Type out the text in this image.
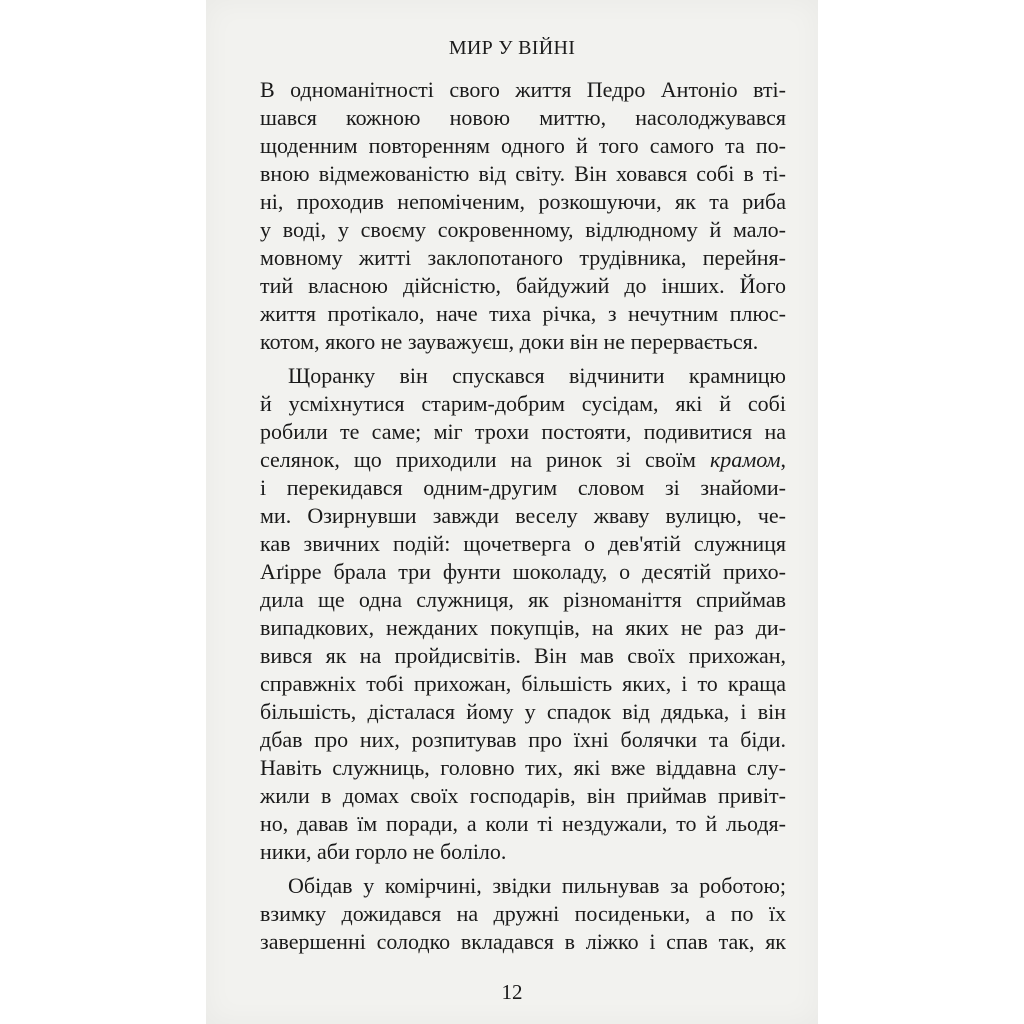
МИР У ВІЙНІ
В одноманітності свого життя Педро Антоніо вті-
шався кожною новою миттю, насолоджувався
щоденним повторенням одного й того самого та по-
вною відмежованістю від світу. Він ховався собі в ті-
ні, проходив непоміченим, розкошуючи, як та риба
у воді, у своєму сокровенному, відлюдному й мало-
мовному житті заклопотаного трудівника, перейня-
тий власною дійсністю, байдужий до інших. Його
життя протікало, наче тиха річка, з нечутним плюс-
котом, якого не зауважуєш, доки він не перервається.
Щоранку він спускався відчинити крамницю
й усміхнутися старим-добрим сусідам, які й собі
робили те саме; міг трохи постояти, подивитися на
селянок, що приходили на ринок зі своїм крамом,
і перекидався одним-другим словом зі знайоми-
ми. Озирнувши завжди веселу жваву вулицю, че-
кав звичних подій: щочетверга о дев'ятій служниця
Аґірре брала три фунти шоколаду, о десятій прихо-
дила ще одна служниця, як різноманіття сприймав
випадкових, нежданих покупців, на яких не раз ди-
вився як на пройдисвітів. Він мав своїх прихожан,
справжніх тобі прихожан, більшість яких, і то краща
більшість, дісталася йому у спадок від дядька, і він
дбав про них, розпитував про їхні болячки та біди.
Навіть служниць, головно тих, які вже віддавна слу-
жили в домах своїх господарів, він приймав привіт-
но, давав їм поради, а коли ті нездужали, то й льодя-
ники, аби горло не боліло.
Обідав у комірчині, звідки пильнував за роботою;
взимку дожидався на дружні посиденьки, а по їх
завершенні солодко вкладався в ліжко і спав так, як
12
